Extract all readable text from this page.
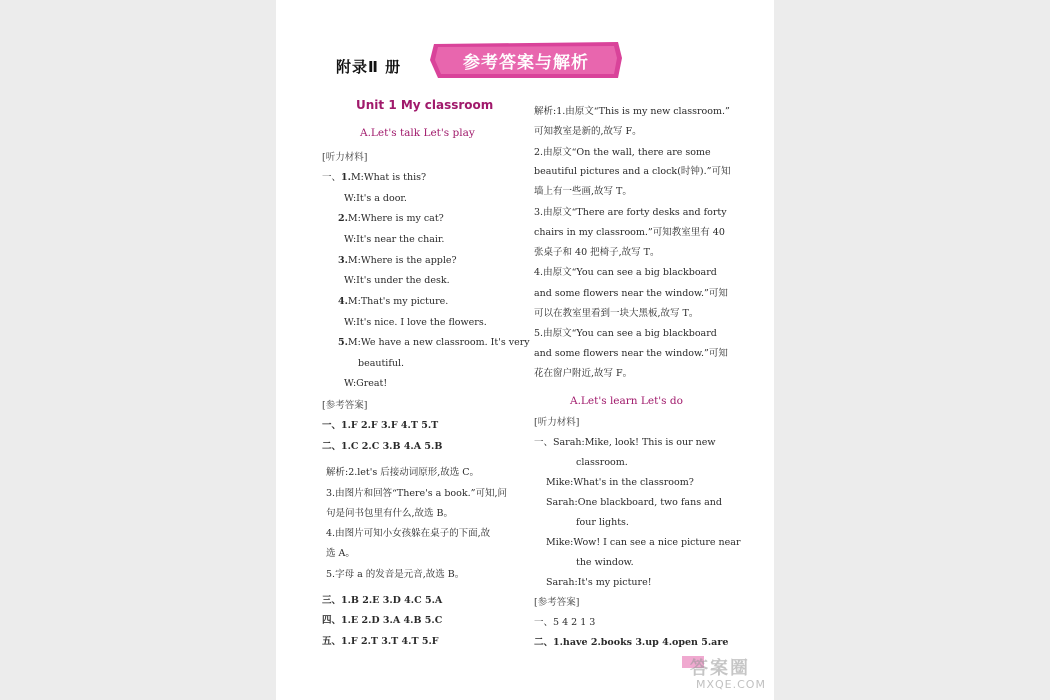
附录Ⅱ 册	参考答案与解析
Unit 1 My classroom
A.Let's talk Let's play
[听力材料]
一、1.M:What is this?
W:It's a door.
2.M:Where is my cat?
W:It's near the chair.
3.M:Where is the apple?
W:It's under the desk.
4.M:That's my picture.
W:It's nice. I love the flowers.
5.M:We have a new classroom. It's very
beautiful.
W:Great!
[参考答案]
一、1.F 2.F 3.F 4.T 5.T
二、1.C 2.C 3.B 4.A 5.B
解析:2.let's 后接动词原形,故选 C。
3.由图片和回答“There's a book.”可知,问
句是问书包里有什么,故选 B。
4.由图片可知小女孩躲在桌子的下面,故
选 A。
5.字母 a 的发音是元音,故选 B。
三、1.B 2.E 3.D 4.C 5.A
四、1.E 2.D 3.A 4.B 5.C
五、1.F 2.T 3.T 4.T 5.F
解析:1.由原文“This is my new classroom.”
可知教室是新的,故写 F。
2.由原文“On the wall, there are some
beautiful pictures and a clock(时钟).”可知
墙上有一些画,故写 T。
3.由原文“There are forty desks and forty
chairs in my classroom.”可知教室里有 40
张桌子和 40 把椅子,故写 T。
4.由原文“You can see a big blackboard
and some flowers near the window.”可知
可以在教室里看到一块大黑板,故写 T。
5.由原文“You can see a big blackboard
and some flowers near the window.”可知
花在窗户附近,故写 F。
A.Let's learn Let's do
[听力材料]
一、Sarah:Mike, look! This is our new
classroom.
Mike:What's in the classroom?
Sarah:One blackboard, two fans and
four lights.
Mike:Wow! I can see a nice picture near
the window.
Sarah:It's my picture!
[参考答案]
一、5 4 2 1 3
二、1.have 2.books 3.up 4.open 5.are
答案圈
MXQE.COM
